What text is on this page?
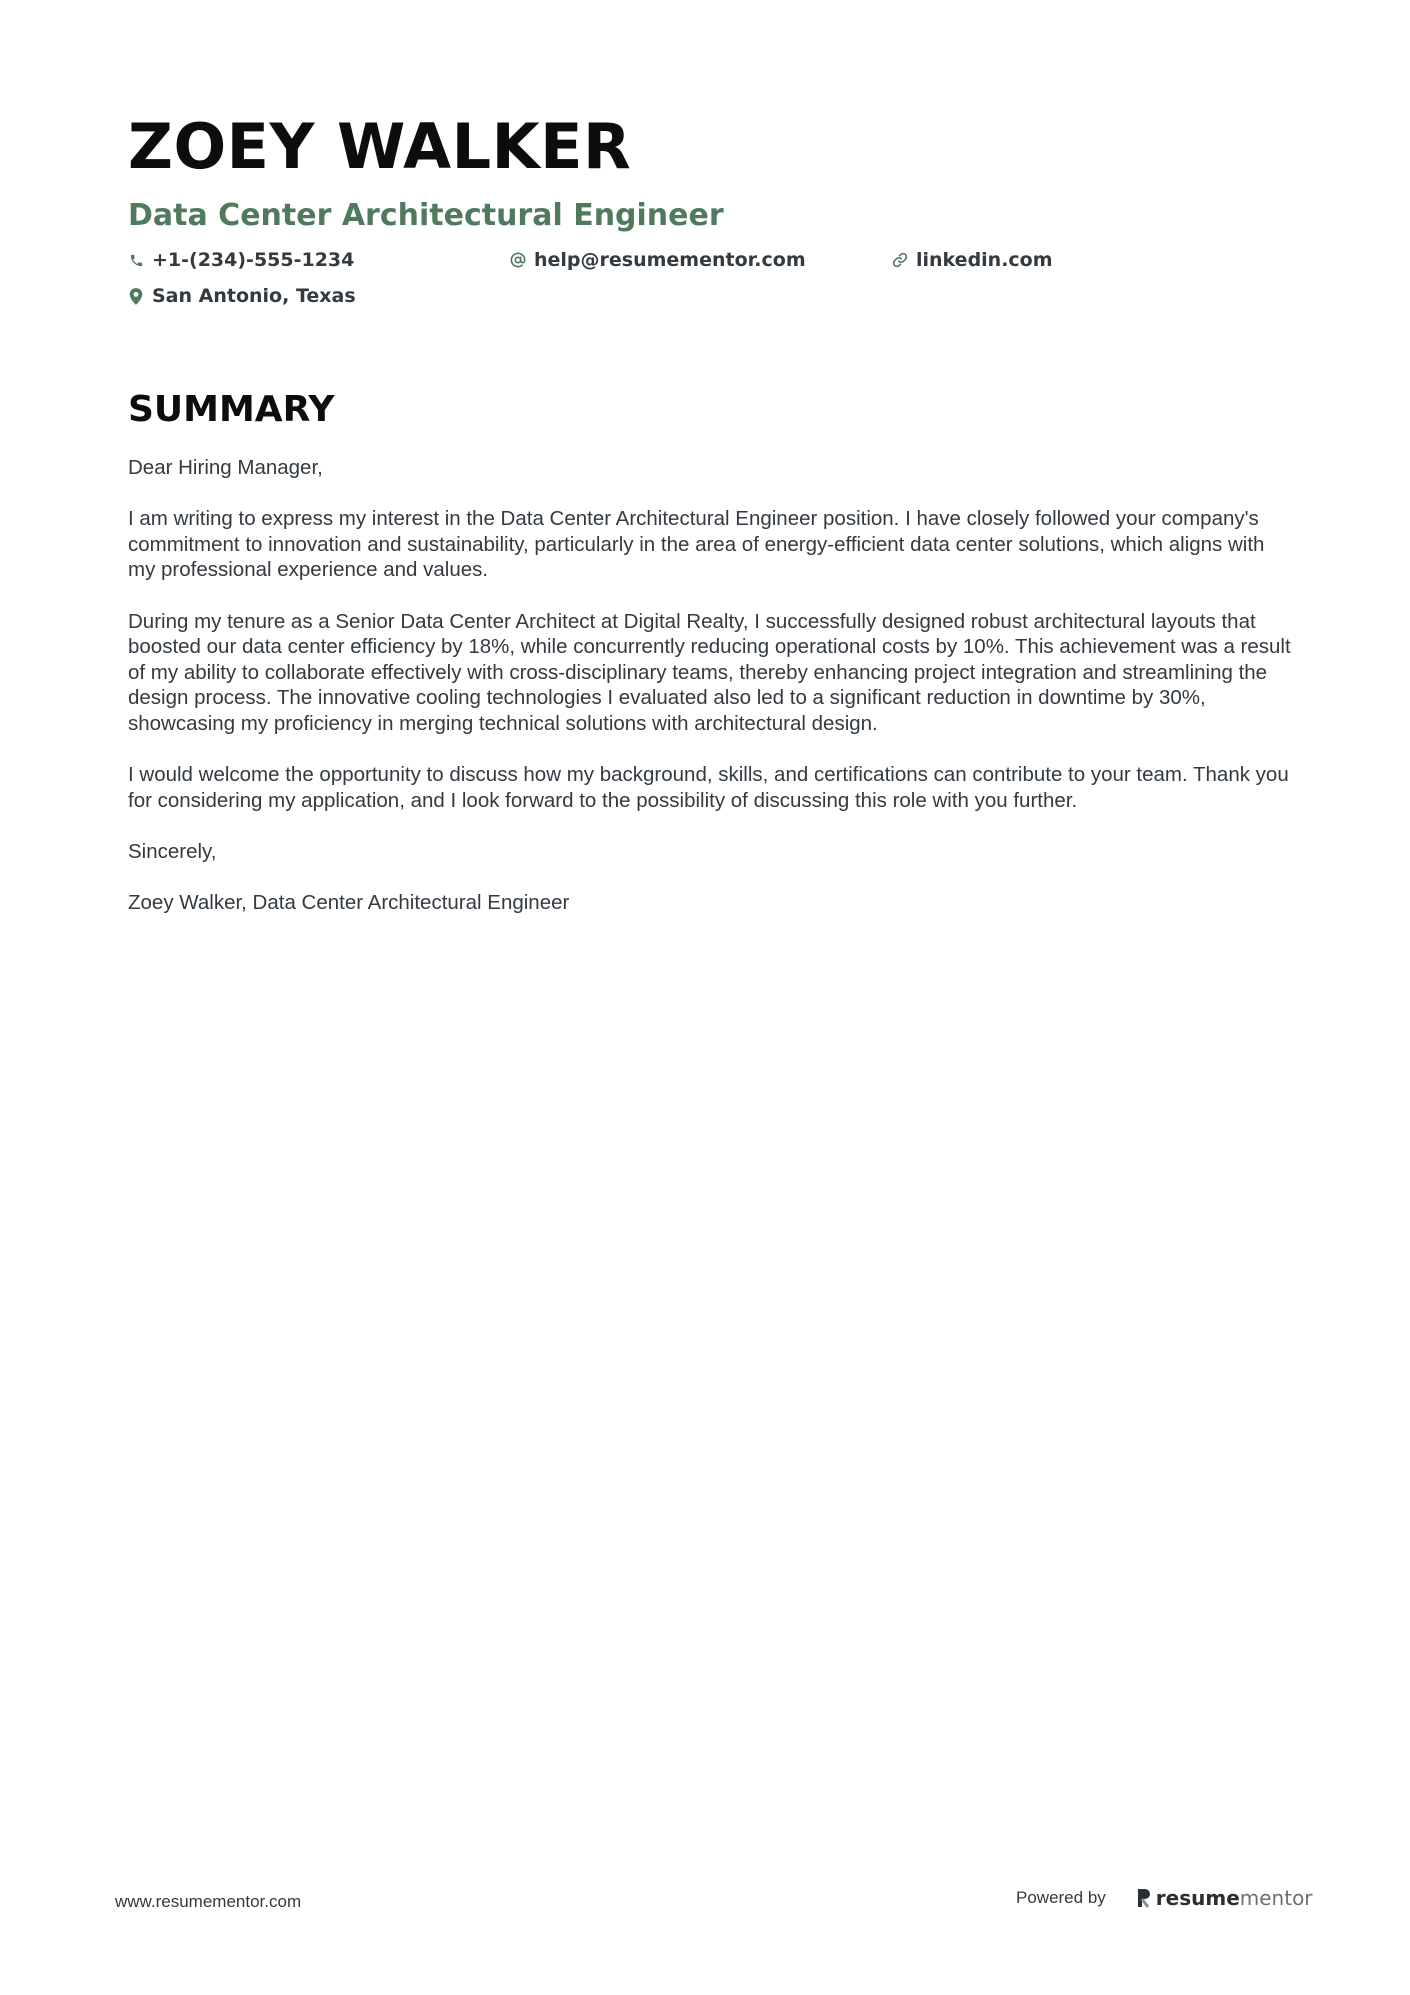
ZOEY WALKER
Data Center Architectural Engineer
+1-(234)-555-1234	help@resumementor.com	linkedin.com
San Antonio, Texas
SUMMARY

Dear Hiring Manager,

I am writing to express my interest in the Data Center Architectural Engineer position. I have closely followed your company's commitment to innovation and sustainability, particularly in the area of energy-efficient data center solutions, which aligns with my professional experience and values.

During my tenure as a Senior Data Center Architect at Digital Realty, I successfully designed robust architectural layouts that boosted our data center efficiency by 18%, while concurrently reducing operational costs by 10%. This achievement was a result of my ability to collaborate effectively with cross-disciplinary teams, thereby enhancing project integration and streamlining the design process. The innovative cooling technologies I evaluated also led to a significant reduction in downtime by 30%, showcasing my proficiency in merging technical solutions with architectural design.

I would welcome the opportunity to discuss how my background, skills, and certifications can contribute to your team. Thank you for considering my application, and I look forward to the possibility of discussing this role with you further.

Sincerely,

Zoey Walker, Data Center Architectural Engineer

www.resumementor.com	Powered by	resume mentor
